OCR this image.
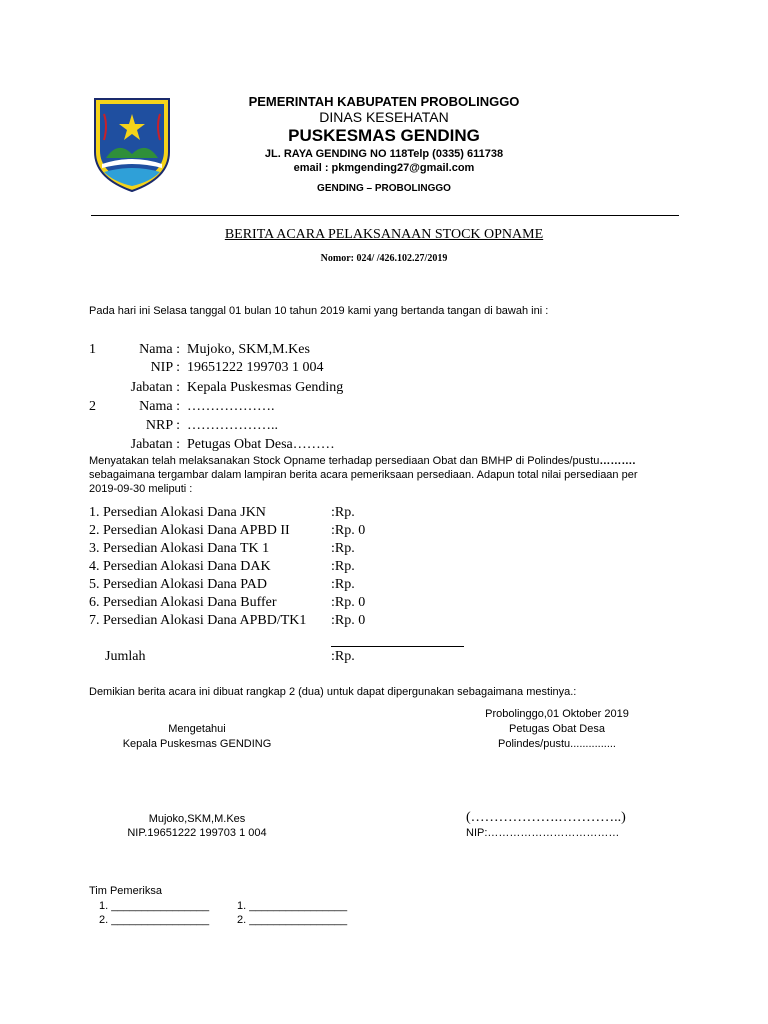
PEMERINTAH KABUPATEN PROBOLINGGO
DINAS KESEHATAN
PUSKESMAS GENDING
JL. RAYA GENDING NO 118Telp (0335) 611738
email : pkmgending27@gmail.com
GENDING – PROBOLINGGO
BERITA ACARA PELAKSANAAN STOCK OPNAME
Nomor: 024/ /426.102.27/2019
Pada hari ini Selasa tanggal 01 bulan 10 tahun 2019 kami yang bertanda tangan di bawah ini :
1	Nama : Mujoko, SKM,M.Kes
NIP : 19651222 199703 1 004
Jabatan : Kepala Puskesmas Gending
2	Nama : ……………….
NRP : ………………..
Jabatan : Petugas Obat Desa………
Menyatakan telah melaksanakan Stock Opname terhadap persediaan Obat dan BMHP di Polindes/pustu……….
sebagaimana tergambar dalam lampiran berita acara pemeriksaan persediaan. Adapun total nilai persediaan per
2019-09-30 meliputi :
1. Persedian Alokasi Dana JKN	:Rp.
2. Persedian Alokasi Dana APBD II	:Rp. 0
3. Persedian Alokasi Dana TK 1	:Rp.
4. Persedian Alokasi Dana DAK	:Rp.
5. Persedian Alokasi Dana PAD	:Rp.
6. Persedian Alokasi Dana Buffer	:Rp. 0
7. Persedian Alokasi Dana APBD/TK1 :Rp. 0
Jumlah	:Rp.
Demikian berita acara ini dibuat rangkap 2 (dua) untuk dapat dipergunakan sebagaimana mestinya.:
Probolinggo,01 Oktober 2019
Mengetahui	Petugas Obat Desa
Kepala Puskesmas GENDING	Polindes/pustu...............
Mujoko,SKM,M.Kes	(……………….…………..)
NIP.19651222 199703 1 004	NIP:………………………………
Tim Pemeriksa
1. ________________	1. ________________
2. ________________	2. ________________
